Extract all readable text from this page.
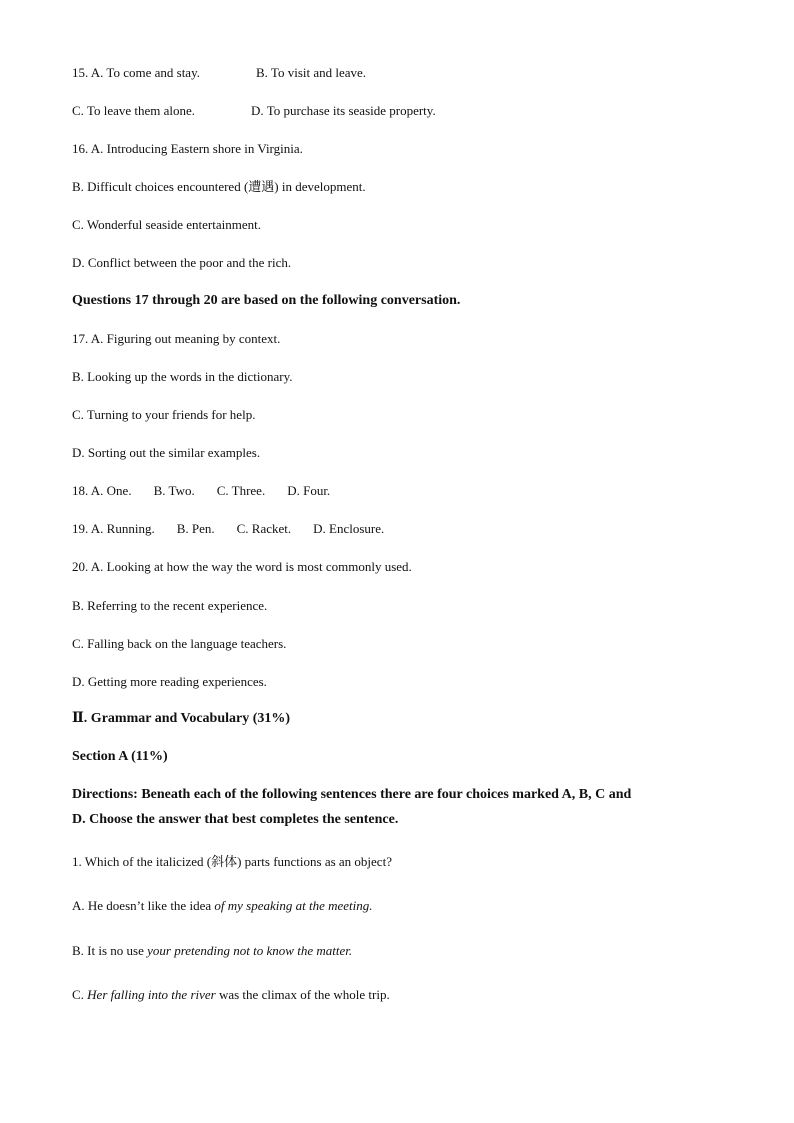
15. A. To come and stay.	B. To visit and leave.
C. To leave them alone.	D. To purchase its seaside property.
16. A. Introducing Eastern shore in Virginia.
B. Difficult choices encountered (遭遇) in development.
C. Wonderful seaside entertainment.
D. Conflict between the poor and the rich.
Questions 17 through 20 are based on the following conversation.
17. A. Figuring out meaning by context.
B. Looking up the words in the dictionary.
C. Turning to your friends for help.
D. Sorting out the similar examples.
18. A. One. B. Two. C. Three. D. Four.
19. A. Running. B. Pen. C. Racket. D. Enclosure.
20. A. Looking at how the way the word is most commonly used.
B. Referring to the recent experience.
C. Falling back on the language teachers.
D. Getting more reading experiences.
Ⅱ. Grammar and Vocabulary (31%)
Section A (11%)
Directions: Beneath each of the following sentences there are four choices marked A, B, C and
D. Choose the answer that best completes the sentence.
1. Which of the italicized (斜体) parts functions as an object?
A. He doesn’t like the idea of my speaking at the meeting.
B. It is no use your pretending not to know the matter.
C. Her falling into the river was the climax of the whole trip.
